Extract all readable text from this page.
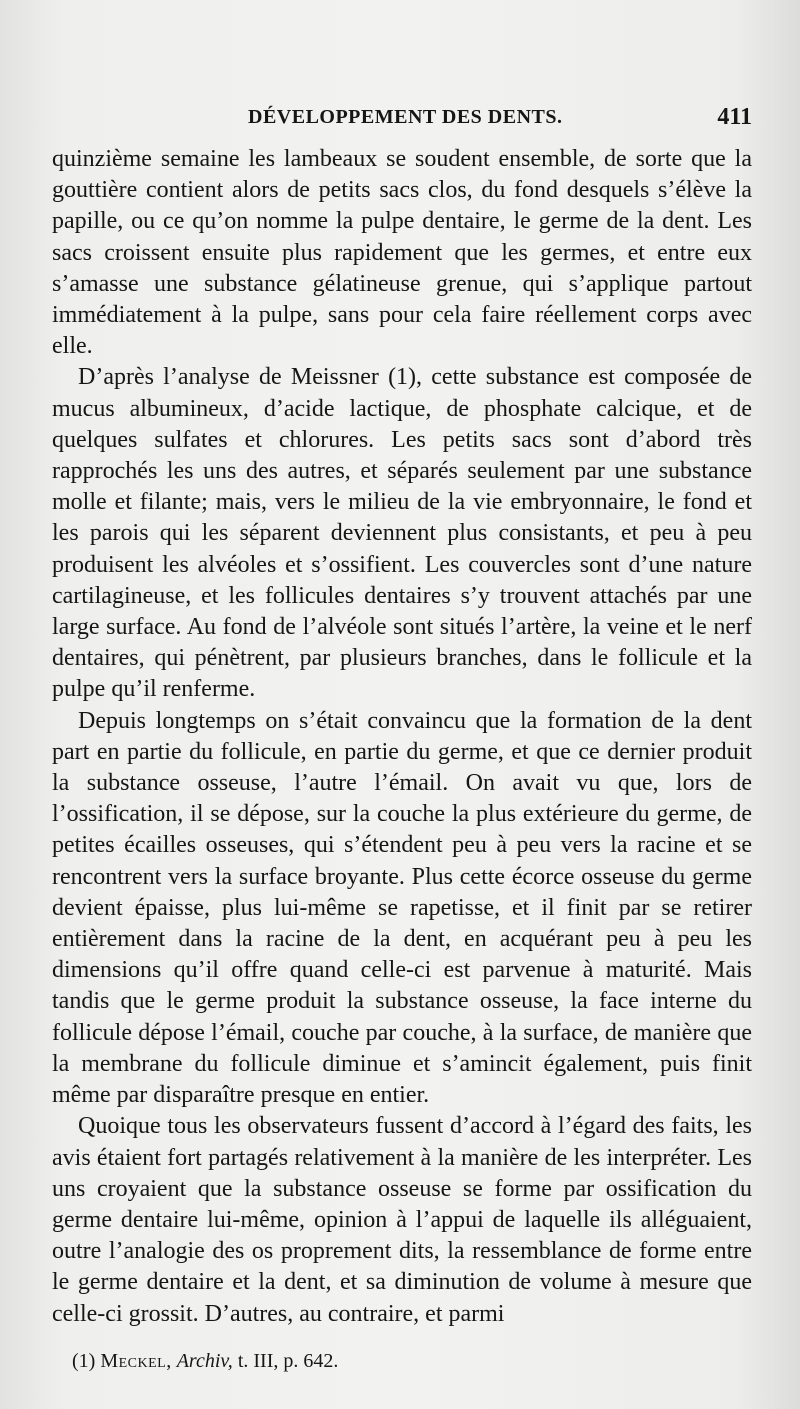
DÉVELOPPEMENT DES DENTS.	411

quinzième semaine les lambeaux se soudent ensemble, de sorte que la gouttière contient alors de petits sacs clos, du fond desquels s’élève la papille, ou ce qu’on nomme la pulpe dentaire, le germe de la dent. Les sacs croissent ensuite plus rapidement que les germes, et entre eux s’amasse une substance gélatineuse grenue, qui s’applique partout immédiatement à la pulpe, sans pour cela faire réellement corps avec elle.

D’après l’analyse de Meissner (1), cette substance est composée de mucus albumineux, d’acide lactique, de phosphate calcique, et de quelques sulfates et chlorures. Les petits sacs sont d’abord très rapprochés les uns des autres, et séparés seulement par une substance molle et filante; mais, vers le milieu de la vie embryonnaire, le fond et les parois qui les séparent deviennent plus consistants, et peu à peu produisent les alvéoles et s’ossifient. Les couvercles sont d’une nature cartilagineuse, et les follicules dentaires s’y trouvent attachés par une large surface. Au fond de l’alvéole sont situés l’artère, la veine et le nerf dentaires, qui pénètrent, par plusieurs branches, dans le follicule et la pulpe qu’il renferme.

Depuis longtemps on s’était convaincu que la formation de la dent part en partie du follicule, en partie du germe, et que ce dernier produit la substance osseuse, l’autre l’émail. On avait vu que, lors de l’ossification, il se dépose, sur la couche la plus extérieure du germe, de petites écailles osseuses, qui s’étendent peu à peu vers la racine et se rencontrent vers la surface broyante. Plus cette écorce osseuse du germe devient épaisse, plus lui-même se rapetisse, et il finit par se retirer entièrement dans la racine de la dent, en acquérant peu à peu les dimensions qu’il offre quand celle-ci est parvenue à maturité. Mais tandis que le germe produit la substance osseuse, la face interne du follicule dépose l’émail, couche par couche, à la surface, de manière que la membrane du follicule diminue et s’amincit également, puis finit même par disparaître presque en entier.

Quoique tous les observateurs fussent d’accord à l’égard des faits, les avis étaient fort partagés relativement à la manière de les interpréter. Les uns croyaient que la substance osseuse se forme par ossification du germe dentaire lui-même, opinion à l’appui de laquelle ils alléguaient, outre l’analogie des os proprement dits, la ressemblance de forme entre le germe dentaire et la dent, et sa diminution de volume à mesure que celle-ci grossit. D’autres, au contraire, et parmi

(1) Meckel, Archiv, t. III, p. 642.
